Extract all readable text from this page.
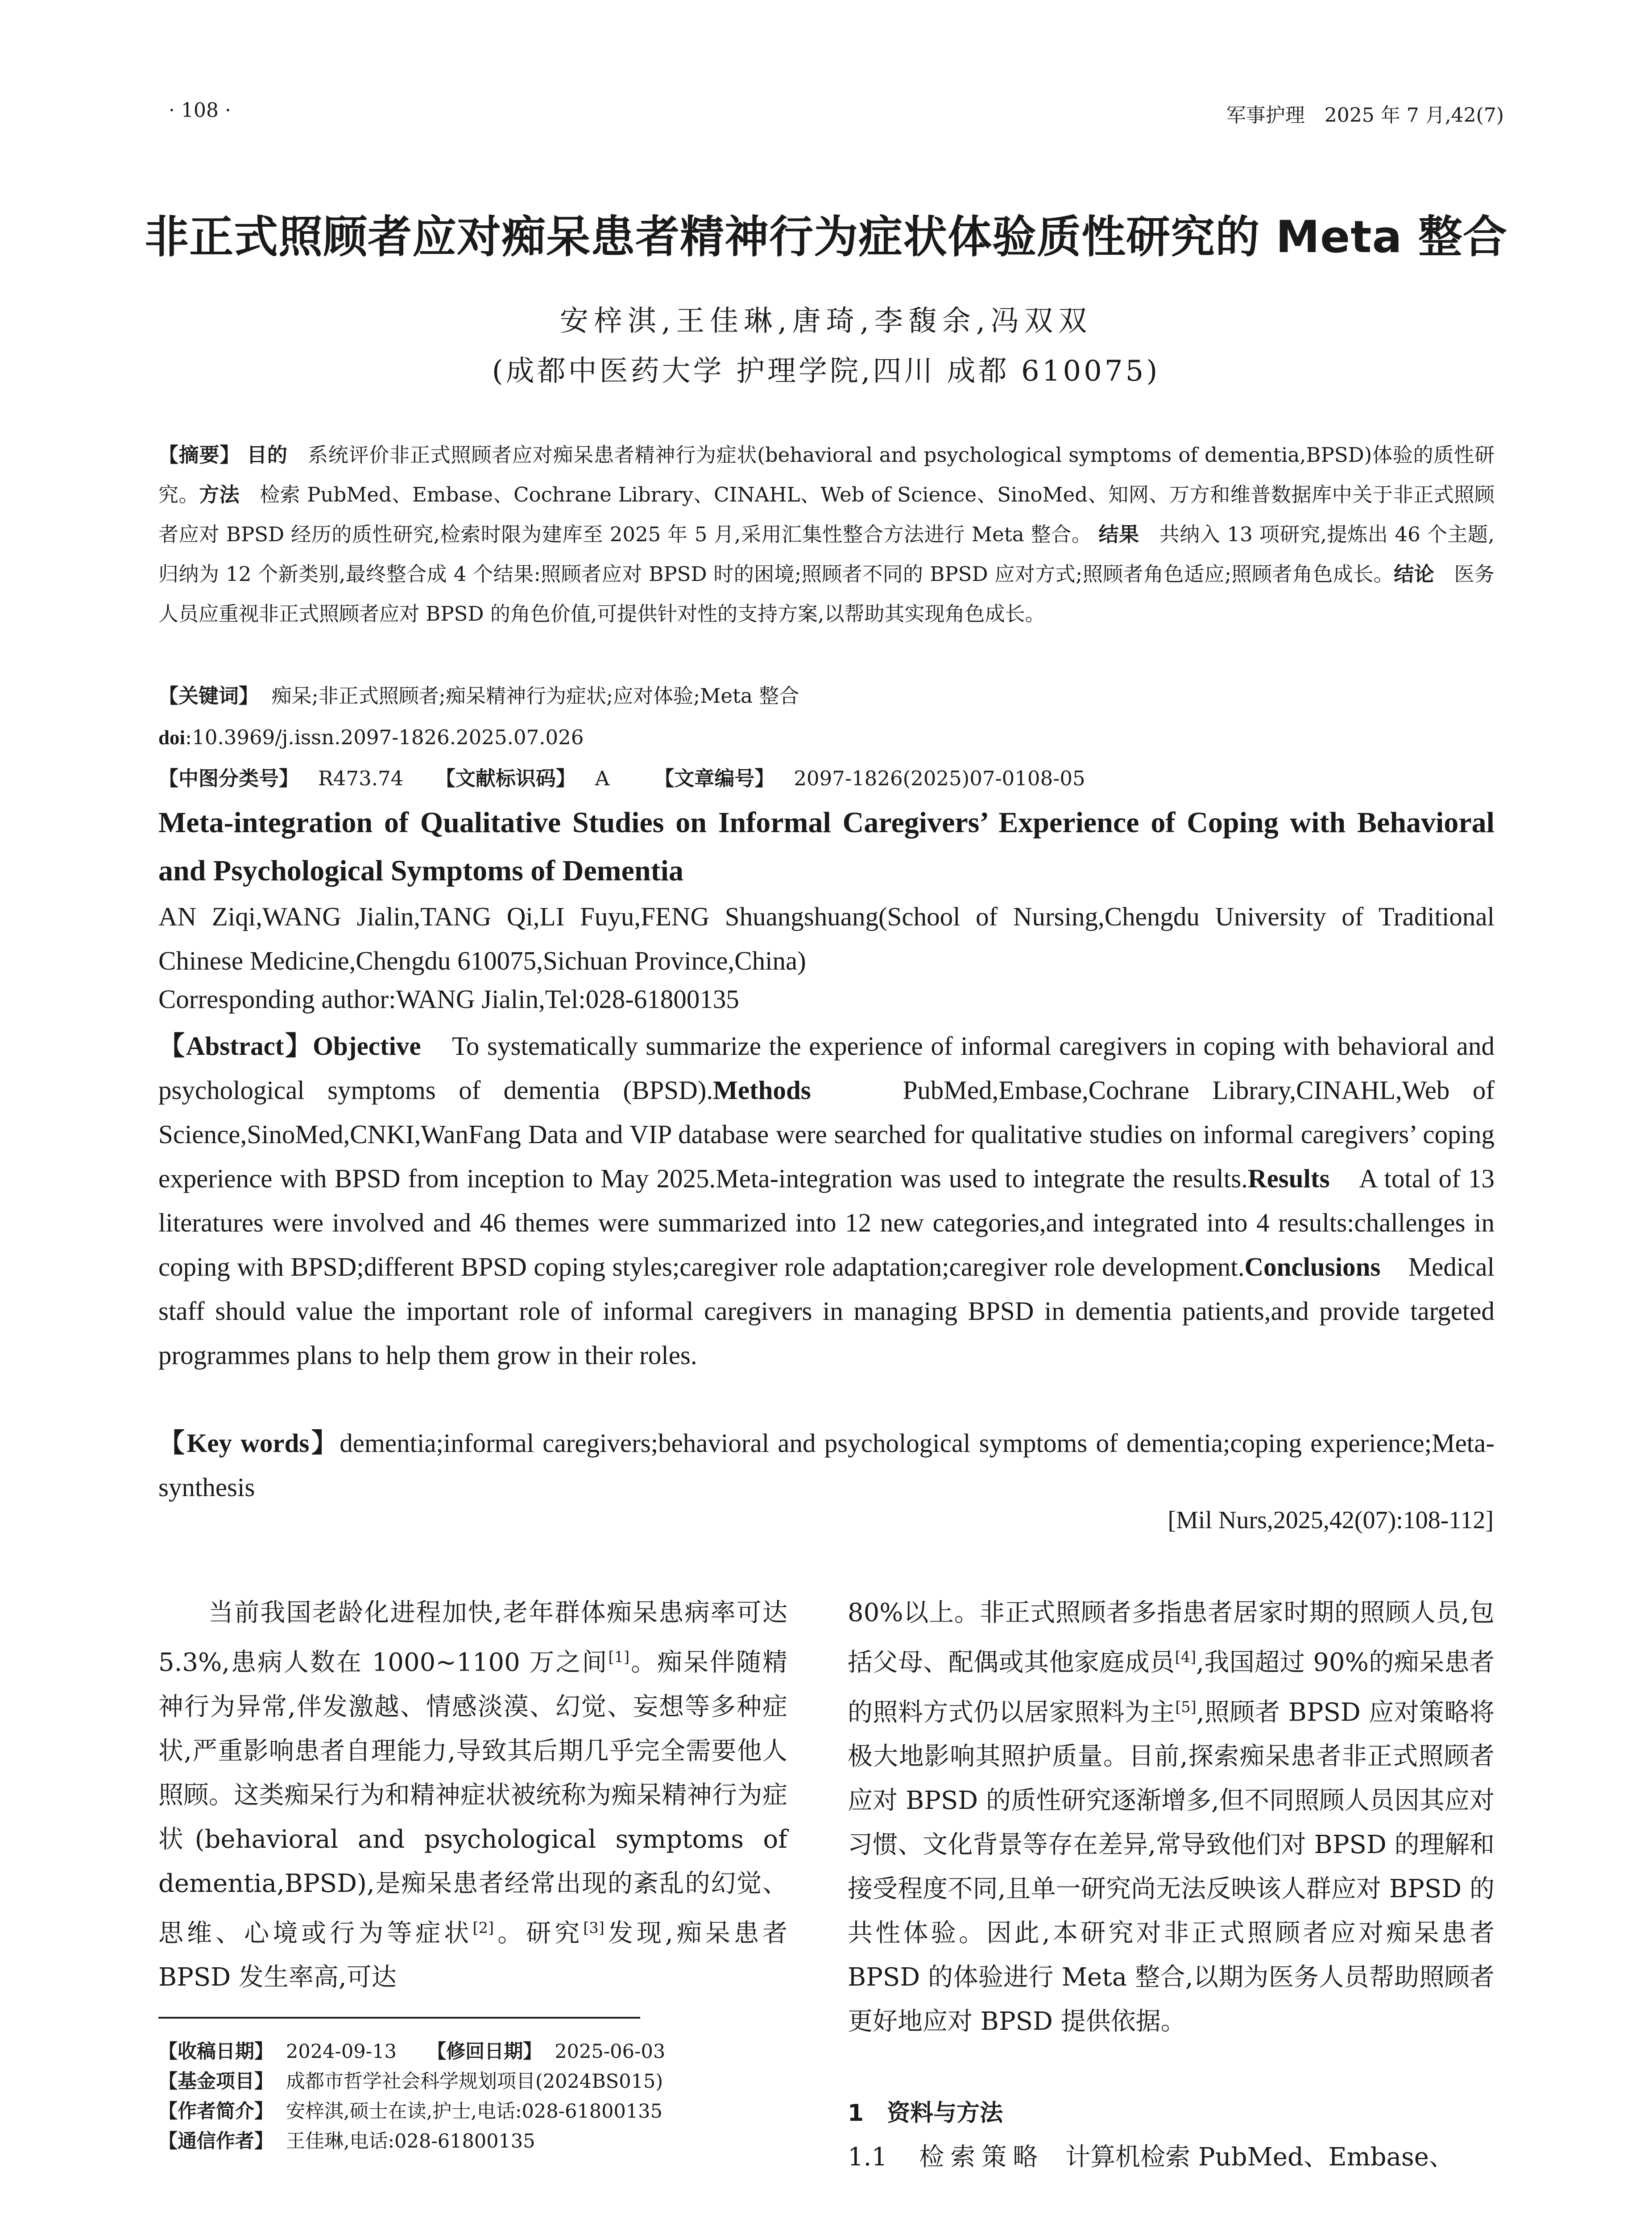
· 108 ·	军事护理　2025 年 7 月,42(7)
非正式照顾者应对痴呆患者精神行为症状体验质性研究的 Meta 整合
安梓淇,王佳琳,唐琦,李馥余,冯双双
(成都中医药大学 护理学院,四川 成都 610075)
【摘要】 目的 系统评价非正式照顾者应对痴呆患者精神行为症状(behavioral and psychological symptoms of dementia,BPSD)体验的质性研究。方法 检索 PubMed、Embase、Cochrane Library、CINAHL、Web of Science、SinoMed、知网、万方和维普数据库中关于非正式照顾者应对 BPSD 经历的质性研究,检索时限为建库至 2025 年 5 月,采用汇集性整合方法进行 Meta 整合。 结果 共纳入 13 项研究,提炼出 46 个主题,归纳为 12 个新类别,最终整合成 4 个结果:照顾者应对 BPSD 时的困境;照顾者不同的 BPSD 应对方式;照顾者角色适应;照顾者角色成长。结论 医务人员应重视非正式照顾者应对 BPSD 的角色价值,可提供针对性的支持方案,以帮助其实现角色成长。
【关键词】 痴呆;非正式照顾者;痴呆精神行为症状;应对体验;Meta 整合
doi:10.3969/j.issn.2097-1826.2025.07.026
【中图分类号】 R473.74 【文献标识码】 A 【文章编号】 2097-1826(2025)07-0108-05
Meta-integration of Qualitative Studies on Informal Caregivers’ Experience of Coping with Behavioral and Psychological Symptoms of Dementia
AN Ziqi,WANG Jialin,TANG Qi,LI Fuyu,FENG Shuangshuang(School of Nursing,Chengdu University of Traditional Chinese Medicine,Chengdu 610075,Sichuan Province,China)
Corresponding author:WANG Jialin,Tel:028-61800135
【Abstract】Objective To systematically summarize the experience of informal caregivers in coping with behavioral and psychological symptoms of dementia (BPSD).Methods	PubMed,Embase,Cochrane Library,CINAHL,Web of Science,SinoMed,CNKI,WanFang Data and VIP database were searched for qualitative studies on informal caregivers’ coping experience with BPSD from inception to May 2025.Meta-integration was used to integrate the results.Results A total of 13 literatures were involved and 46 themes were summarized into 12 new categories,and integrated into 4 results:challenges in coping with BPSD;different BPSD coping styles;caregiver role adaptation;caregiver role development.Conclusions Medical staff should value the important role of informal caregivers in managing BPSD in dementia patients,and provide targeted programmes plans to help them grow in their roles.
【Key words】dementia;informal caregivers;behavioral and psychological symptoms of dementia;coping experience;Meta-synthesis
[Mil Nurs,2025,42(07):108-112]
当前我国老龄化进程加快,老年群体痴呆患病率可达 5.3%,患病人数在 1000~1100 万之间[1]。痴呆伴随精神行为异常,伴发激越、情感淡漠、幻觉、妄想等多种症状,严重影响患者自理能力,导致其后期几乎完全需要他人照顾。这类痴呆行为和精神症状被统称为痴呆精神行为症状(behavioral and psychological symptoms of dementia,BPSD),是痴呆患者经常出现的紊乱的幻觉、思维、心境或行为等症状[2]。研究[3]发现,痴呆患者 BPSD 发生率高,可达
80%以上。非正式照顾者多指患者居家时期的照顾人员,包括父母、配偶或其他家庭成员[4],我国超过 90%的痴呆患者的照料方式仍以居家照料为主[5],照顾者 BPSD 应对策略将极大地影响其照护质量。目前,探索痴呆患者非正式照顾者应对 BPSD 的质性研究逐渐增多,但不同照顾人员因其应对习惯、文化背景等存在差异,常导致他们对 BPSD 的理解和接受程度不同,且单一研究尚无法反映该人群应对 BPSD 的共性体验。因此,本研究对非正式照顾者应对痴呆患者 BPSD 的体验进行 Meta 整合,以期为医务人员帮助照顾者更好地应对 BPSD 提供依据。
1　资料与方法
1.1 检索策略 计算机检索 PubMed、Embase、
【收稿日期】 2024-09-13 【修回日期】 2025-06-03
【基金项目】 成都市哲学社会科学规划项目(2024BS015)
【作者简介】 安梓淇,硕士在读,护士,电话:028-61800135
【通信作者】 王佳琳,电话:028-61800135
